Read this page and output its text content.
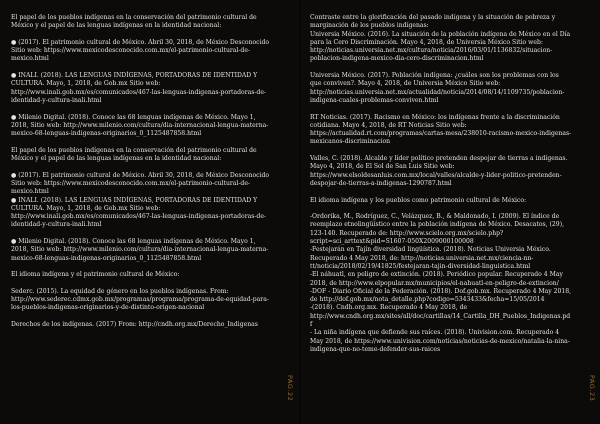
El papel de los pueblos indígenas en la conservación del patrimonio cultural de México y el papel de las lenguas indígenas en la identidad nacional:

● (2017). El patrimonio cultural de México. Abril 30, 2018, de México Desconocido Sitio web: https://www.mexicodesconocido.com.mx/el-patrimonio-cultural-de-mexico.html

● INALI. (2018). LAS LENGUAS INDÍGENAS, PORTADORAS DE IDENTIDAD Y CULTURA. Mayo, 1, 2018, de Gob.mx Sitio web: http://www.inali.gob.mx/es/comunicados/467-las-lenguas-indigenas-portadoras-de-identidad-y-cultura-inali.html

● Milenio Digital. (2018). Conoce las 68 lenguas indígenas de México. Mayo 1, 2018, Sitio web: http://www.milenio.com/cultura/dia-internacional-lengua-materna-mexico-68-lenguas-indigenas-originarios_0_1125487858.html

El papel de los pueblos indígenas en la conservación del patrimonio cultural de México y el papel de las lenguas indígenas en la identidad nacional:

● (2017). El patrimonio cultural de México. Abril 30, 2018, de México Desconocido Sitio web: https://www.mexicodesconocido.com.mx/el-patrimonio-cultural-de-mexico.html

● INALI. (2018). LAS LENGUAS INDÍGENAS, PORTADORAS DE IDENTIDAD Y CULTURA. Mayo, 1, 2018, de Gob.mx Sitio web: http://www.inali.gob.mx/es/comunicados/467-las-lenguas-indigenas-portadoras-de-identidad-y-cultura-inali.html

● Milenio Digital. (2018). Conoce las 68 lenguas indígenas de México. Mayo 1, 2018, Sitio web: http://www.milenio.com/cultura/dia-internacional-lengua-materna-mexico-68-lenguas-indigenas-originarios_0_1125487858.html

El idioma indígena y el patrimonio cultural de México:

Sederc. (2015). La equidad de género en los pueblos indígenas. From: http://www.sederec.cdmx.gob.mx/programas/programa/programa-de-equidad-para-los-pueblos-indigenas-originarios-y-de-distinto-origen-nacional

Derechos de los indígenas. (2017) From: http://cndh.org.mx/Derecho_Indigenas

PAG.22

Contraste entre la glorificación del pasado indígena y la situación de pobreza y marginación de los pueblos indígenas:
Universia México. (2016). La situación de la población indígena de México en el Día para la Cero Discriminación. Mayo 4, 2018, de Universia México Sitio web: http://noticias.universia.net.mx/cultura/noticia/2016/03/01/1136832/situacion-poblacion-indigena-mexico-dia-cero-discriminacion.html

Universia México. (2017). Población indígena: ¿cuáles son los problemas con los que conviven?. Mayo 4, 2018, de Universia México Sitio web: http://noticias.universia.net.mx/actualidad/noticia/2014/08/14/1109735/poblacion-indigena-cuales-problemas-conviven.html

RT Noticias. (2017). Racismo en México: los indígenas frente a la discriminación cotidiana. Mayo 4, 2018, de RT Noticias Sitio web: https://actualidad.rt.com/programas/cartas-mesa/238010-racismo-mexico-indigenas-mexicanos-discriminacion

Valles, C. (2018). Alcalde y líder político pretenden despojar de tierras a indígenas. Mayo 4, 2018, de El Sol de San Luis Sitio web: https://www.elsoldesanluis.com.mx/local/valles/alcalde-y-lider-politico-pretenden-despojar-de-tierras-a-indigenas-1290787.html

El idioma indígena y los pueblos como patrimonio cultural de México:

-Ordorika, M., Rodríguez, C., Velázquez, B., & Maldonado, I. (2009). El índice de reemplazo etnolingüístico entre la población indígena de México. Desacatos, (29), 123-140. Recuperado de: http://www.scielo.org.mx/scielo.php?script=sci_arttext&pid=S1607-050X2009000100008
-Festejarán en Tajín diversidad lingüística. (2018). Noticias Universia México. Recuperado 4 May 2018, de: http://noticias.universia.net.mx/ciencia-nn-tt/noticia/2018/02/19/41825/festejaran-tajin-diversidad-linguistica.html
-El náhuatl, en peligro de extinción. (2018). Periódico popular. Recuperado 4 May 2018, de http://www.elpopular.mx/municipios/el-nahuatl-en-peligro-de-extincion/
-DOF - Diario Oficial de la Federación. (2018). Dof.gob.mx. Recuperado 4 May 2018, de http://dof.gob.mx/nota_detalle.php?codigo=5343433&fecha=15/05/2014
-(2018). Cndh.org.mx. Recuperado 4 May 2018, de http://www.cndh.org.mx/sites/all/doc/cartillas/14_Cartilla_DH_Pueblos_Indigenas.pdf
- La niña indígena que defiende sus raíces. (2018). Univision.com. Recuperado 4 May 2018, de https://www.univision.com/noticias/noticias-de-mexico/natalia-la-nina-indigena-que-no-teme-defender-sus-raices

PAG.23
